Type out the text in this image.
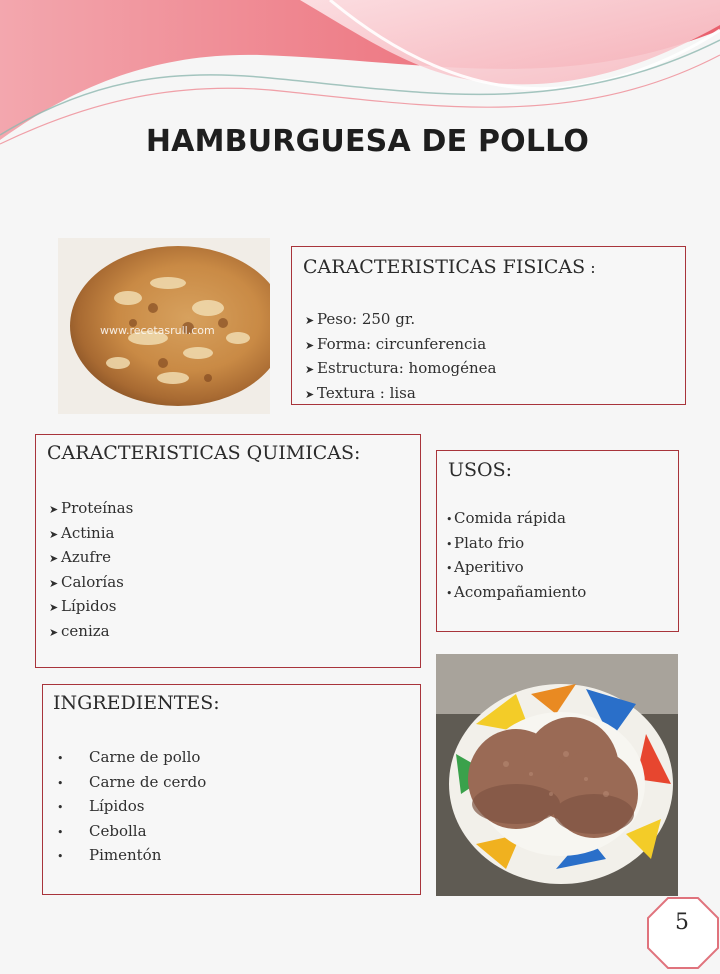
HAMBURGUESA DE POLLO
www.recetasrull.com
CARACTERISTICAS FISICAS :
➤ Peso: 250 gr.
➤ Forma: circunferencia
➤ Estructura: homogénea
➤ Textura : lisa
CARACTERISTICAS QUIMICAS:
➤ Proteínas
➤ Actinia
➤ Azufre
➤ Calorías
➤ Lípidos
➤ ceniza
USOS:
• Comida rápida
• Plato frio
• Aperitivo
• Acompañamiento
INGREDIENTES:
• Carne de pollo
• Carne de cerdo
• Lípidos
• Cebolla
• Pimentón
5
